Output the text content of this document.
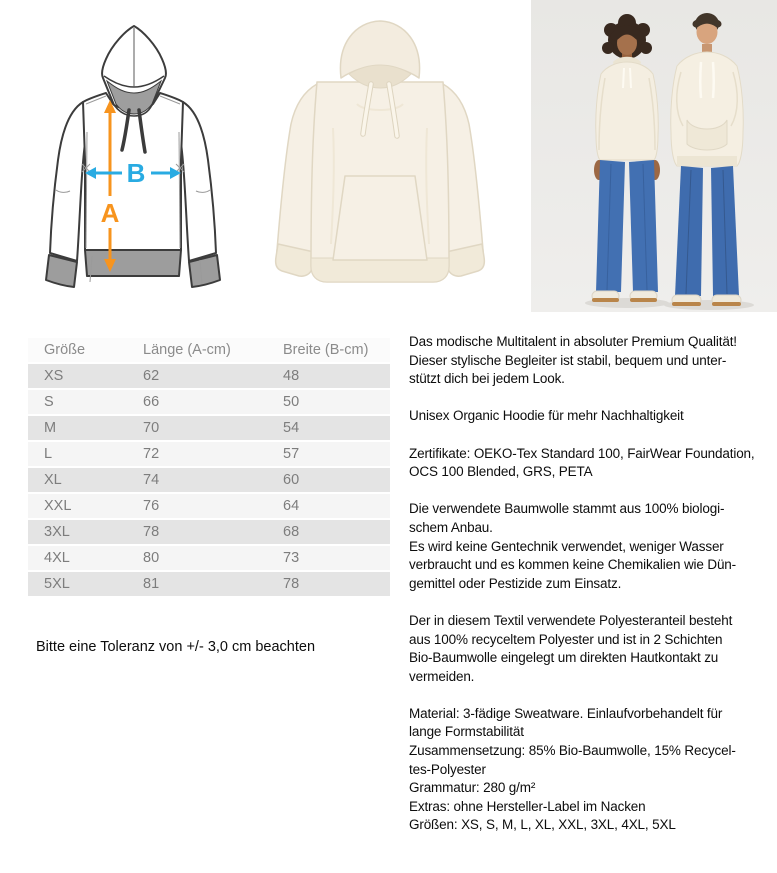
A
B
Größe	Länge (A-cm)	Breite (B-cm)
XS	62	48
S	66	50
M	70	54
L	72	57
XL	74	60
XXL	76	64
3XL	78	68
4XL	80	73
5XL	81	78

Bitte eine Toleranz von +/- 3,0 cm beachten

Das modische Multitalent in absoluter Premium Qualität!
Dieser stylische Begleiter ist stabil, bequem und unter-
stützt dich bei jedem Look.

Unisex Organic Hoodie für mehr Nachhaltigkeit

Zertifikate: OEKO-Tex Standard 100, FairWear Foundation,
OCS 100 Blended, GRS, PETA

Die verwendete Baumwolle stammt aus 100% biologi-
schem Anbau.
Es wird keine Gentechnik verwendet, weniger Wasser
verbraucht und es kommen keine Chemikalien wie Dün-
gemittel oder Pestizide zum Einsatz.

Der in diesem Textil verwendete Polyesteranteil besteht
aus 100% recyceltem Polyester und ist in 2 Schichten
Bio-Baumwolle eingelegt um direkten Hautkontakt zu
vermeiden.

Material: 3-fädige Sweatware. Einlaufvorbehandelt für
lange Formstabilität
Zusammensetzung: 85% Bio-Baumwolle, 15% Recycel-
tes-Polyester
Grammatur: 280 g/m²
Extras: ohne Hersteller-Label im Nacken
Größen: XS, S, M, L, XL, XXL, 3XL, 4XL, 5XL
